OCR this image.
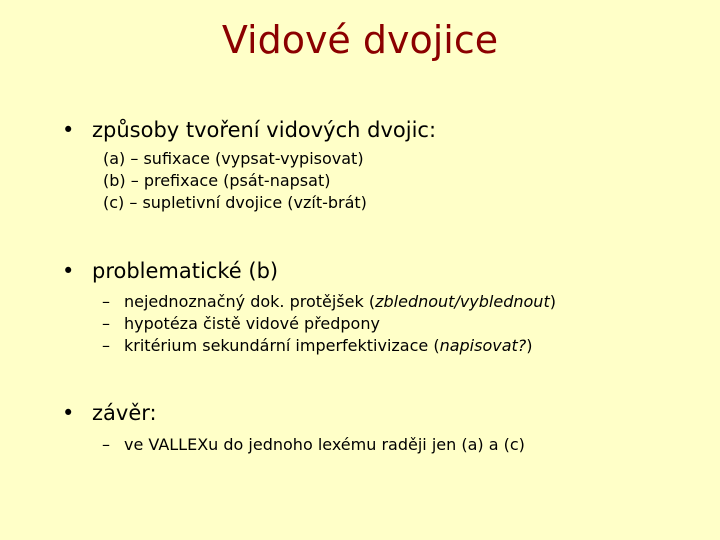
Vidové dvojice
• způsoby tvoření vidových dvojic:
(a) – sufixace (vypsat-vypisovat)
(b) – prefixace (psát-napsat)
(c) – supletivní dvojice (vzít-brát)
• problematické (b)
– nejednoznačný dok. protějšek (zblednout/vyblednout)
– hypotéza čistě vidové předpony
– kritérium sekundární imperfektivizace (napisovat?)
• závěr:
– ve VALLEXu do jednoho lexému raději jen (a) a (c)
